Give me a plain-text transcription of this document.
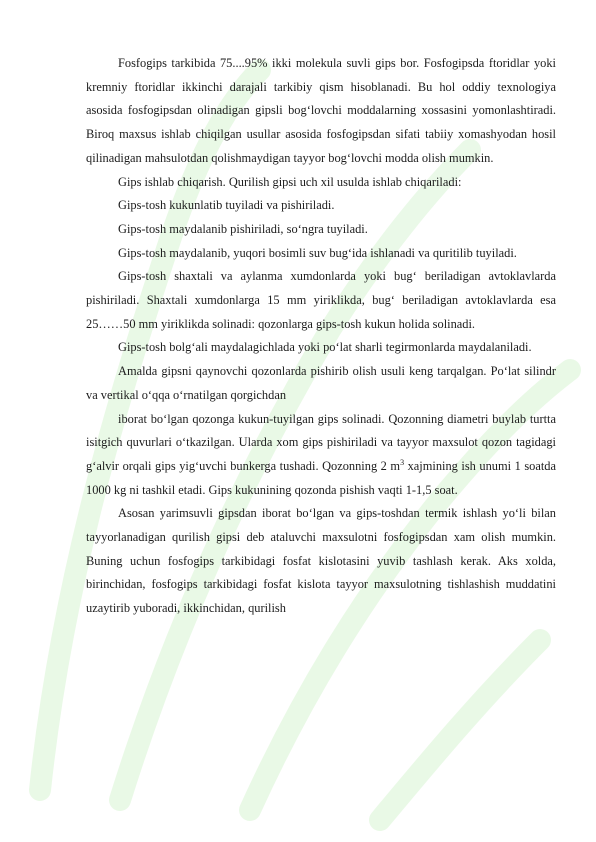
Fosfogips tarkibida 75....95% ikki molekula suvli gips bor. Fosfogipsda ftoridlar yoki kremniy ftoridlar ikkinchi darajali tarkibiy qism hisoblanadi. Bu hol oddiy texnologiya asosida fosfogipsdan olinadigan gipsli bog‘lovchi moddalarning xossasini yomonlashtiradi. Biroq maxsus ishlab chiqilgan usullar asosida fosfogipsdan sifati tabiiy xomashyodan hosil qilinadigan mahsulotdan qolishmaydigan tayyor bog‘lovchi modda olish mumkin.

Gips ishlab chiqarish. Qurilish gipsi uch xil usulda ishlab chiqariladi:

Gips-tosh kukunlatib tuyiladi va pishiriladi.

Gips-tosh maydalanib pishiriladi, so‘ngra tuyiladi.

Gips-tosh maydalanib, yuqori bosimli suv bug‘ida ishlanadi va quritilib tuyiladi.

Gips-tosh shaxtali va aylanma xumdonlarda yoki bug‘ beriladigan avtoklavlarda pishiriladi. Shaxtali xumdonlarga 15 mm yiriklikda, bug‘ beriladigan avtoklavlarda esa 25……50 mm yiriklikda solinadi: qozonlarga gips-tosh kukun holida solinadi.

Gips-tosh bolg‘ali maydalagichlada yoki po‘lat sharli tegirmonlarda maydalaniladi.

Amalda gipsni qaynovchi qozonlarda pishirib olish usuli keng tarqalgan. Po‘lat silindr va vertikal o‘qqa o‘rnatilgan qorgichdan

iborat bo‘lgan qozonga kukun-tuyilgan gips solinadi. Qozonning diametri buylab turtta isitgich quvurlari o‘tkazilgan. Ularda xom gips pishiriladi va tayyor maxsulot qozon tagidagi g‘alvir orqali gips yig‘uvchi bunkerga tushadi. Qozonning 2 $m^3$ xajmining ish unumi 1 soatda 1000 kg ni tashkil etadi. Gips kukunining qozonda pishish vaqti 1-1,5 soat.

Asosan yarimsuvli gipsdan iborat bo‘lgan va gips-toshdan termik ishlash yo‘li bilan tayyorlanadigan qurilish gipsi deb ataluvchi maxsulotni fosfogipsdan xam olish mumkin. Buning uchun fosfogips tarkibidagi fosfat kislotasini yuvib tashlash kerak. Aks xolda, birinchidan, fosfogips tarkibidagi fosfat kislota tayyor maxsulotning tishlashish muddatini uzaytirib yuboradi, ikkinchidan, qurilish
